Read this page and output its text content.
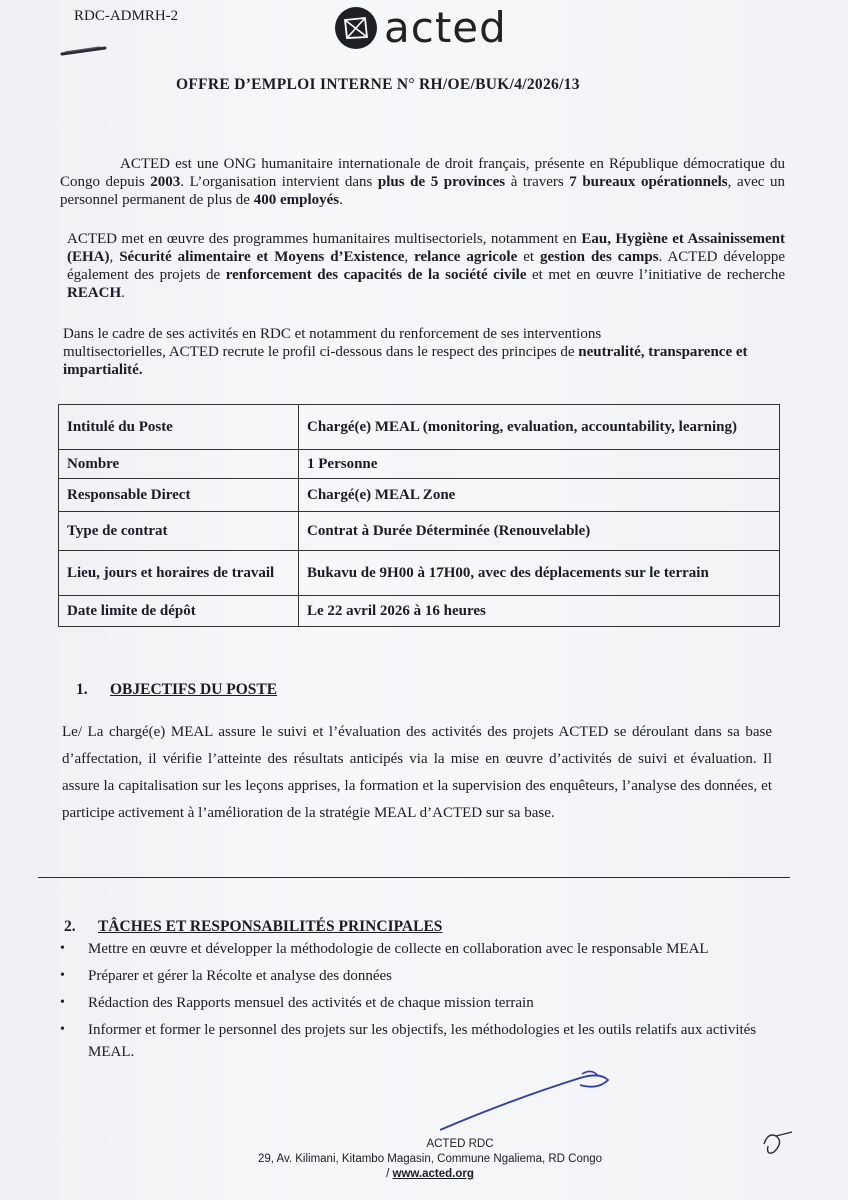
RDC-ADMRH-2	acted
OFFRE D’EMPLOI INTERNE N° RH/OE/BUK/4/2026/13

ACTED est une ONG humanitaire internationale de droit français, présente en République démocratique du Congo depuis 2003. L’organisation intervient dans plus de 5 provinces à travers 7 bureaux opérationnels, avec un personnel permanent de plus de 400 employés.

ACTED met en œuvre des programmes humanitaires multisectoriels, notamment en Eau, Hygiène et Assainissement (EHA), Sécurité alimentaire et Moyens d’Existence, relance agricole et gestion des camps. ACTED développe également des projets de renforcement des capacités de la société civile et met en œuvre l’initiative de recherche REACH.

Dans le cadre de ses activités en RDC et notamment du renforcement de ses interventions
multisectorielles, ACTED recrute le profil ci-dessous dans le respect des principes de neutralité, transparence et impartialité.

Intitulé du Poste	Chargé(e) MEAL (monitoring, evaluation, accountability, learning)
Nombre	1 Personne
Responsable Direct	Chargé(e) MEAL Zone
Type de contrat	Contrat à Durée Déterminée (Renouvelable)
Lieu, jours et horaires de travail	Bukavu de 9H00 à 17H00, avec des déplacements sur le terrain
Date limite de dépôt	Le 22 avril 2026 à 16 heures
1. OBJECTIFS DU POSTE

Le/ La chargé(e) MEAL assure le suivi et l’évaluation des activités des projets ACTED se déroulant dans sa base d’affectation, il vérifie l’atteinte des résultats anticipés via la mise en œuvre d’activités de suivi et évaluation. Il assure la capitalisation sur les leçons apprises, la formation et la supervision des enquêteurs, l’analyse des données, et participe activement à l’amélioration de la stratégie MEAL d’ACTED sur sa base.

2. TÂCHES ET RESPONSABILITÉS PRINCIPALES
• Mettre en œuvre et développer la méthodologie de collecte en collaboration avec le responsable MEAL
• Préparer et gérer la Récolte et analyse des données
• Rédaction des Rapports mensuel des activités et de chaque mission terrain
• Informer et former le personnel des projets sur les objectifs, les méthodologies et les outils relatifs aux activités MEAL.
ACTED RDC
29, Av. Kilimani, Kitambo Magasin, Commune Ngaliema, RD Congo
/ www.acted.org
